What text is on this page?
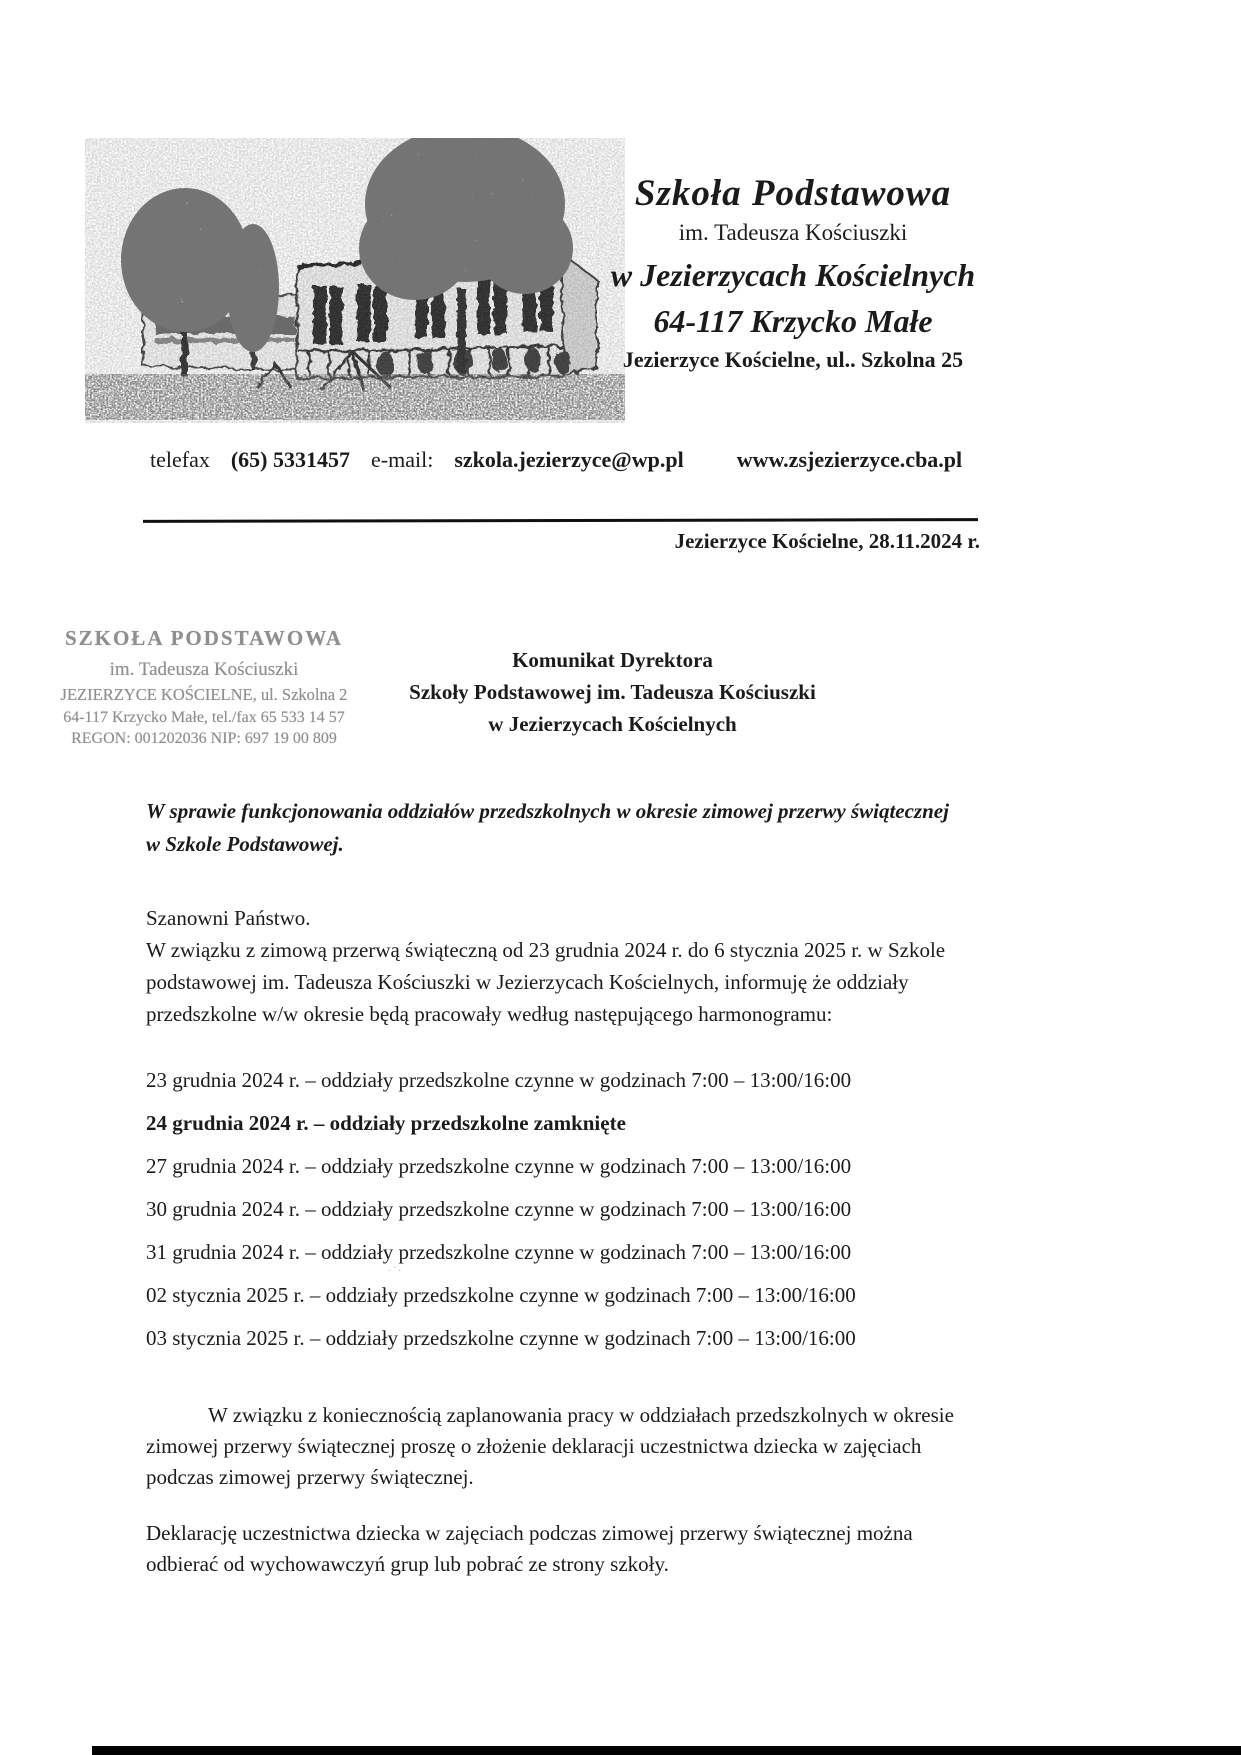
Szkoła Podstawowa
im. Tadeusza Kościuszki
w Jezierzycach Kościelnych
64-117 Krzycko Małe
Jezierzyce Kościelne, ul.. Szkolna 25
telefax (65) 5331457 e-mail: szkola.jezierzyce@wp.pl www.zsjezierzyce.cba.pl
Jezierzyce Kościelne, 28.11.2024 r.
SZKOŁA PODSTAWOWA
im. Tadeusza Kościuszki
JEZIERZYCE KOŚCIELNE, ul. Szkolna 2
64-117 Krzycko Małe, tel./fax 65 533 14 57
REGON: 001202036 NIP: 697 19 00 809
Komunikat Dyrektora
Szkoły Podstawowej im. Tadeusza Kościuszki
w Jezierzycach Kościelnych
W sprawie funkcjonowania oddziałów przedszkolnych w okresie zimowej przerwy świątecznej w Szkole Podstawowej.
Szanowni Państwo.
W związku z zimową przerwą świąteczną od 23 grudnia 2024 r. do 6 stycznia 2025 r. w Szkole podstawowej im. Tadeusza Kościuszki w Jezierzycach Kościelnych, informuję że oddziały przedszkolne w/w okresie będą pracowały według następującego harmonogramu:
23 grudnia 2024 r. – oddziały przedszkolne czynne w godzinach 7:00 – 13:00/16:00
24 grudnia 2024 r. – oddziały przedszkolne zamknięte
27 grudnia 2024 r. – oddziały przedszkolne czynne w godzinach 7:00 – 13:00/16:00
30 grudnia 2024 r. – oddziały przedszkolne czynne w godzinach 7:00 – 13:00/16:00
31 grudnia 2024 r. – oddziały przedszkolne czynne w godzinach 7:00 – 13:00/16:00
02 stycznia 2025 r. – oddziały przedszkolne czynne w godzinach 7:00 – 13:00/16:00
03 stycznia 2025 r. – oddziały przedszkolne czynne w godzinach 7:00 – 13:00/16:00
.·.
W związku z koniecznością zaplanowania pracy w oddziałach przedszkolnych w okresie zimowej przerwy świątecznej proszę o złożenie deklaracji uczestnictwa dziecka w zajęciach podczas zimowej przerwy świątecznej.
Deklarację uczestnictwa dziecka w zajęciach podczas zimowej przerwy świątecznej można odbierać od wychowawczyń grup lub pobrać ze strony szkoły.
